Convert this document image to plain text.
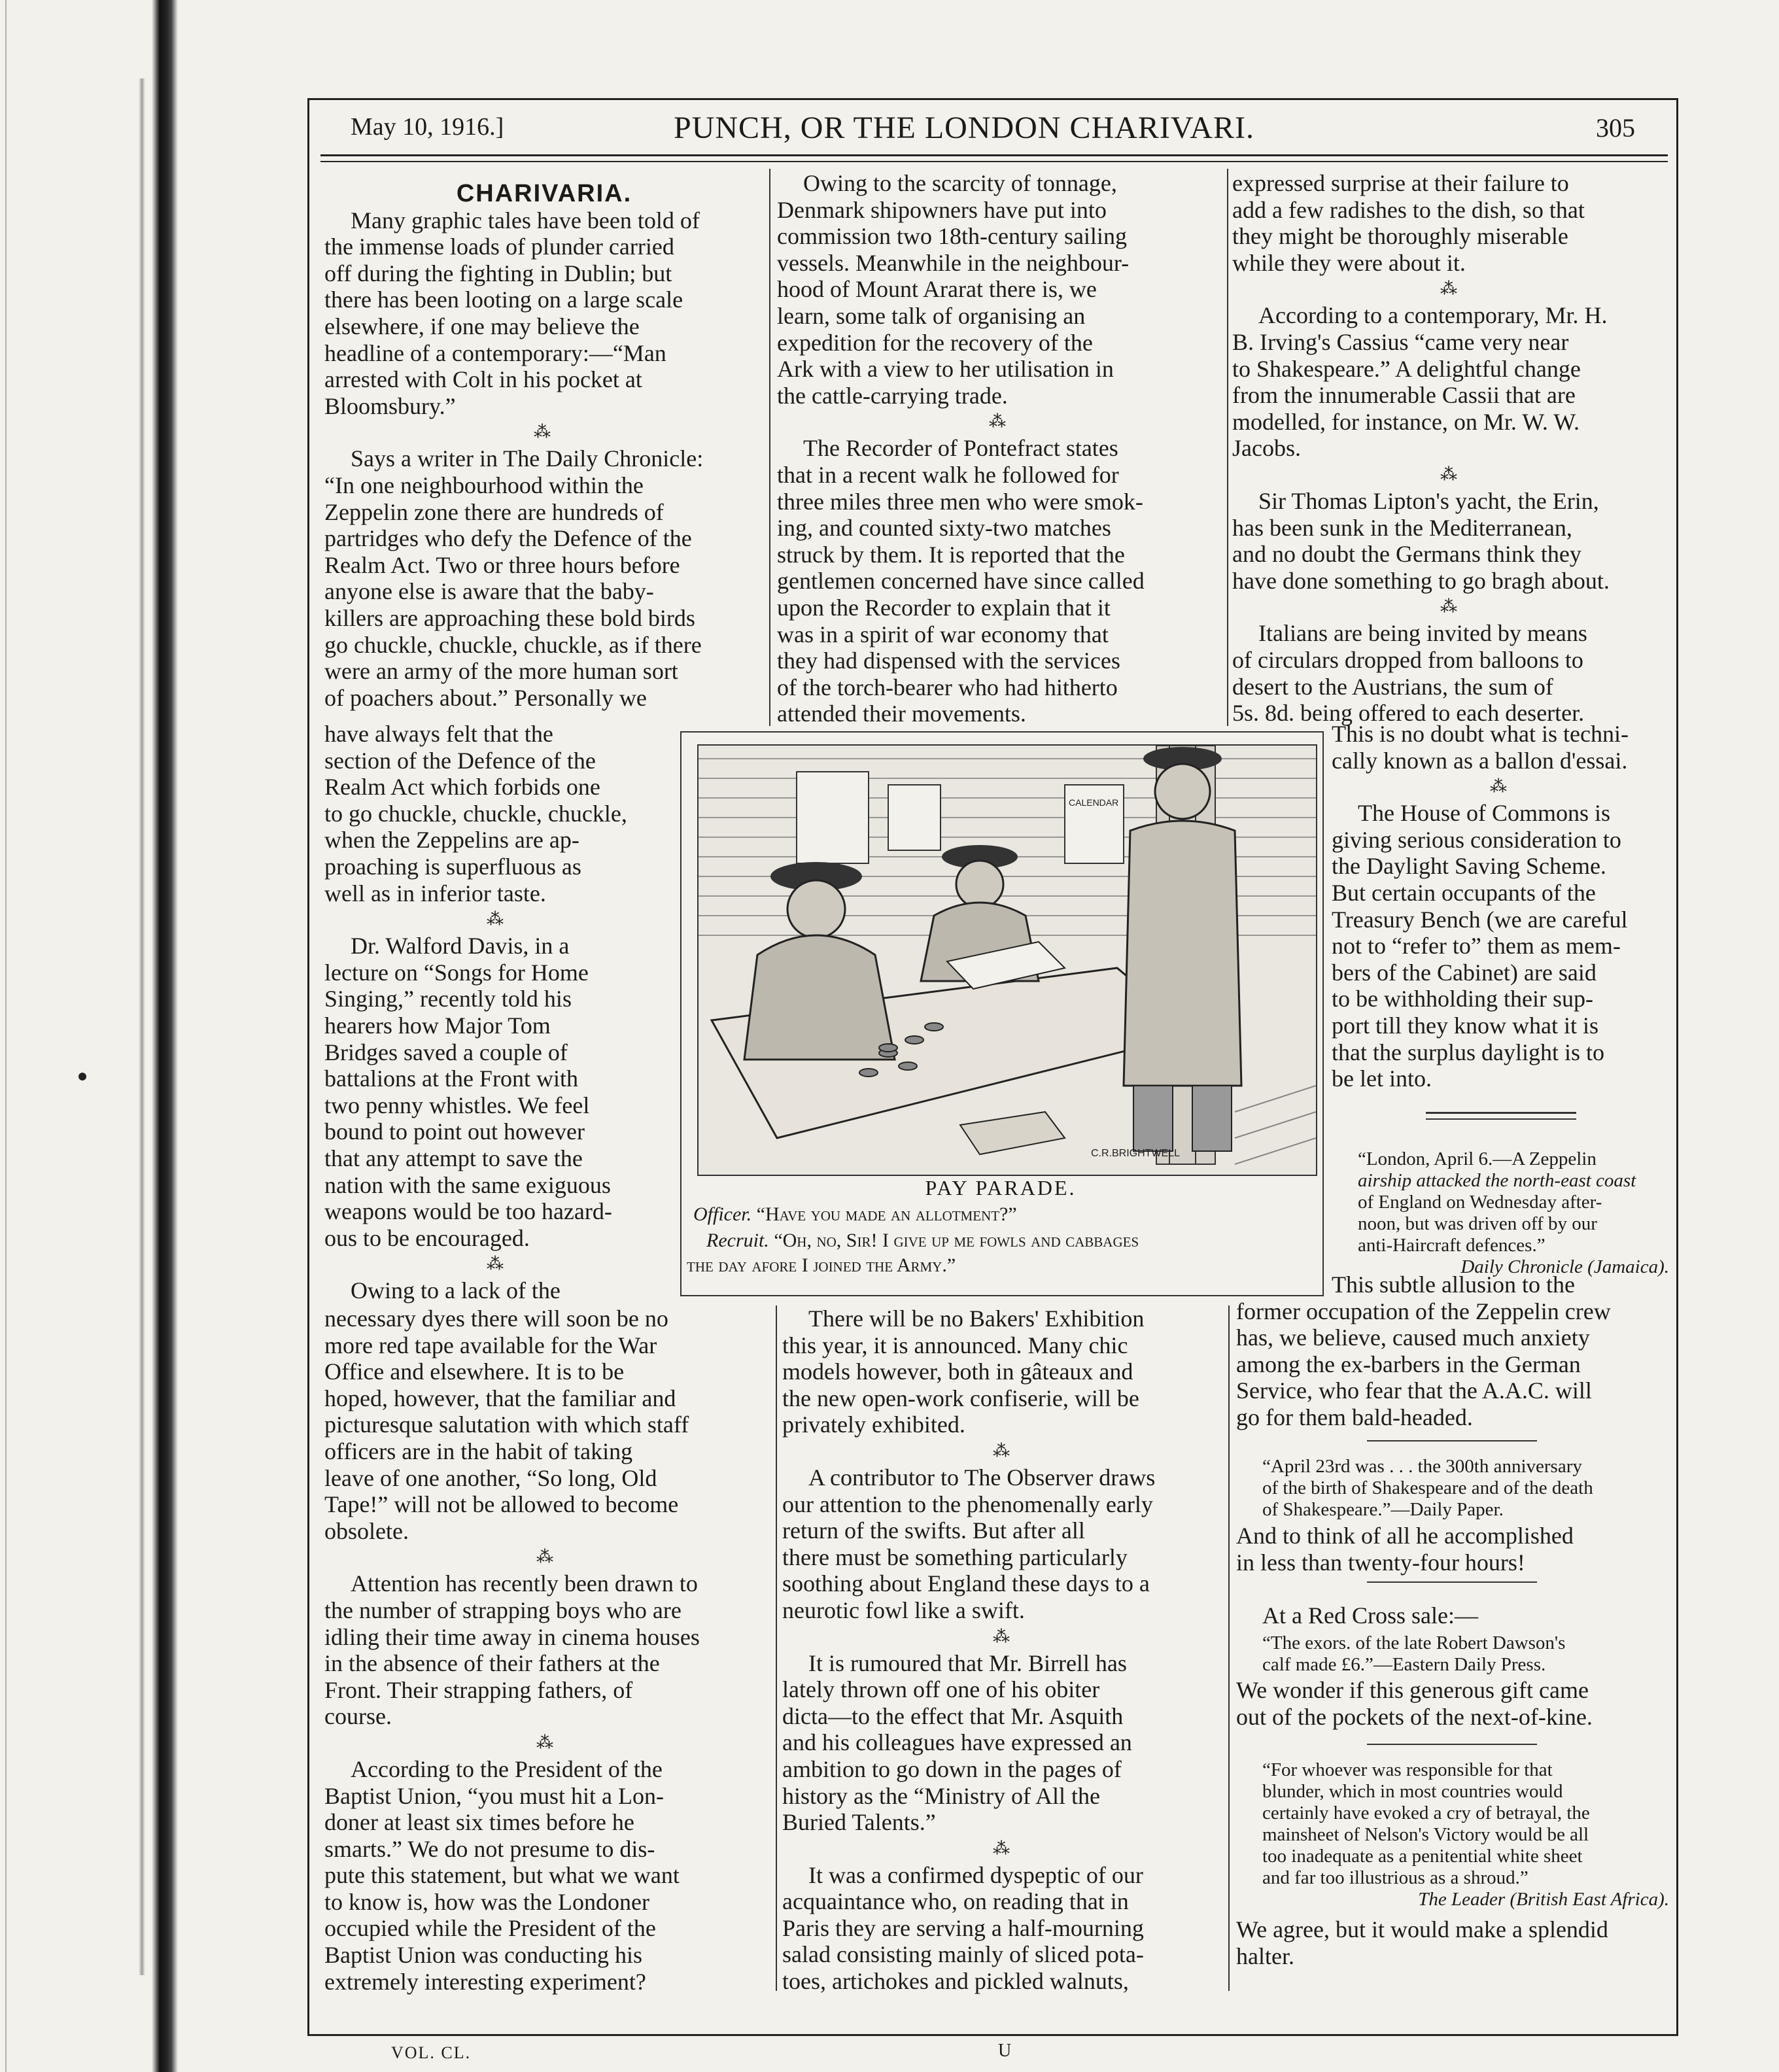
May 10, 1916.]	PUNCH, OR THE LONDON CHARIVARI.	305

CHARIVARIA.

Many graphic tales have been told of
the immense loads of plunder carried
off during the fighting in Dublin; but
there has been looting on a large scale
elsewhere, if one may believe the
headline of a contemporary:—“Man
arrested with Colt in his pocket at
Bloomsbury.”
⁂
Says a writer in The Daily Chronicle:
“In one neighbourhood within the
Zeppelin zone there are hundreds of
partridges who defy the Defence of the
Realm Act. Two or three hours before
anyone else is aware that the baby-
killers are approaching these bold birds
go chuckle, chuckle, chuckle, as if there
were an army of the more human sort
of poachers about.” Personally we
have always felt that the
section of the Defence of the
Realm Act which forbids one
to go chuckle, chuckle, chuckle,
when the Zeppelins are ap-
proaching is superfluous as
well as in inferior taste.
⁂
Dr. Walford Davis, in a
lecture on “Songs for Home
Singing,” recently told his
hearers how Major Tom
Bridges saved a couple of
battalions at the Front with
two penny whistles. We feel
bound to point out however
that any attempt to save the
nation with the same exiguous
weapons would be too hazard-
ous to be encouraged.
⁂
Owing to a lack of the
necessary dyes there will soon be no
more red tape available for the War
Office and elsewhere. It is to be
hoped, however, that the familiar and
picturesque salutation with which staff
officers are in the habit of taking
leave of one another, “So long, Old
Tape!” will not be allowed to become
obsolete.
⁂
Attention has recently been drawn to
the number of strapping boys who are
idling their time away in cinema houses
in the absence of their fathers at the
Front. Their strapping fathers, of
course.
⁂
According to the President of the
Baptist Union, “you must hit a Lon-
doner at least six times before he
smarts.” We do not presume to dis-
pute this statement, but what we want
to know is, how was the Londoner
occupied while the President of the
Baptist Union was conducting his
extremely interesting experiment?
Owing to the scarcity of tonnage,
Denmark shipowners have put into
commission two 18th-century sailing
vessels. Meanwhile in the neighbour-
hood of Mount Ararat there is, we
learn, some talk of organising an
expedition for the recovery of the
Ark with a view to her utilisation in
the cattle-carrying trade.
⁂
The Recorder of Pontefract states
that in a recent walk he followed for
three miles three men who were smok-
ing, and counted sixty-two matches
struck by them. It is reported that the
gentlemen concerned have since called
upon the Recorder to explain that it
was in a spirit of war economy that
they had dispensed with the services
of the torch-bearer who had hitherto
attended their movements.
There will be no Bakers' Exhibition
this year, it is announced. Many chic
models however, both in gâteaux and
the new open-work confiserie, will be
privately exhibited.
⁂
A contributor to The Observer draws
our attention to the phenomenally early
return of the swifts. But after all
there must be something particularly
soothing about England these days to a
neurotic fowl like a swift.
⁂
It is rumoured that Mr. Birrell has
lately thrown off one of his obiter
dicta—to the effect that Mr. Asquith
and his colleagues have expressed an
ambition to go down in the pages of
history as the “Ministry of All the
Buried Talents.”
⁂
It was a confirmed dyspeptic of our
acquaintance who, on reading that in
Paris they are serving a half-mourning
salad consisting mainly of sliced pota-
toes, artichokes and pickled walnuts,
expressed surprise at their failure to
add a few radishes to the dish, so that
they might be thoroughly miserable
while they were about it.
⁂
According to a contemporary, Mr. H.
B. Irving's Cassius “came very near
to Shakespeare.” A delightful change
from the innumerable Cassii that are
modelled, for instance, on Mr. W. W.
Jacobs.
⁂
Sir Thomas Lipton's yacht, the Erin,
has been sunk in the Mediterranean,
and no doubt the Germans think they
have done something to go bragh about.
⁂
Italians are being invited by means
of circulars dropped from balloons to
desert to the Austrians, the sum of
5s. 8d. being offered to each deserter.
This is no doubt what is techni-
cally known as a ballon d'essai.
⁂
The House of Commons is
giving serious consideration to
the Daylight Saving Scheme.
But certain occupants of the
Treasury Bench (we are careful
not to “refer to” them as mem-
bers of the Cabinet) are said
to be withholding their sup-
port till they know what it is
that the surplus daylight is to
be let into.
“London, April 6.—A Zeppelin
airship attacked the north-east coast
of England on Wednesday after-
noon, but was driven off by our
anti-Haircraft defences.”
Daily Chronicle (Jamaica).
This subtle allusion to the
former occupation of the Zeppelin crew
has, we believe, caused much anxiety
among the ex-barbers in the German
Service, who fear that the A.A.C. will
go for them bald-headed.
“April 23rd was . . . the 300th anniversary
of the birth of Shakespeare and of the death
of Shakespeare.”—Daily Paper.
And to think of all he accomplished
in less than twenty-four hours!
At a Red Cross sale:—
“The exors. of the late Robert Dawson's
calf made £6.”—Eastern Daily Press.
We wonder if this generous gift came
out of the pockets of the next-of-kine.
“For whoever was responsible for that
blunder, which in most countries would
certainly have evoked a cry of betrayal, the
mainsheet of Nelson's Victory would be all
too inadequate as a penitential white sheet
and far too illustrious as a shroud.”
The Leader (British East Africa).
We agree, but it would make a splendid
halter.
CALENDAR
C.R.BRIGHTWELL
PAY PARADE.
Officer. “Have you made an allotment?”
Recruit. “Oh, no, Sir! I give up me fowls and cabbages
the day afore I joined the Army.”
VOL. CL.	U
